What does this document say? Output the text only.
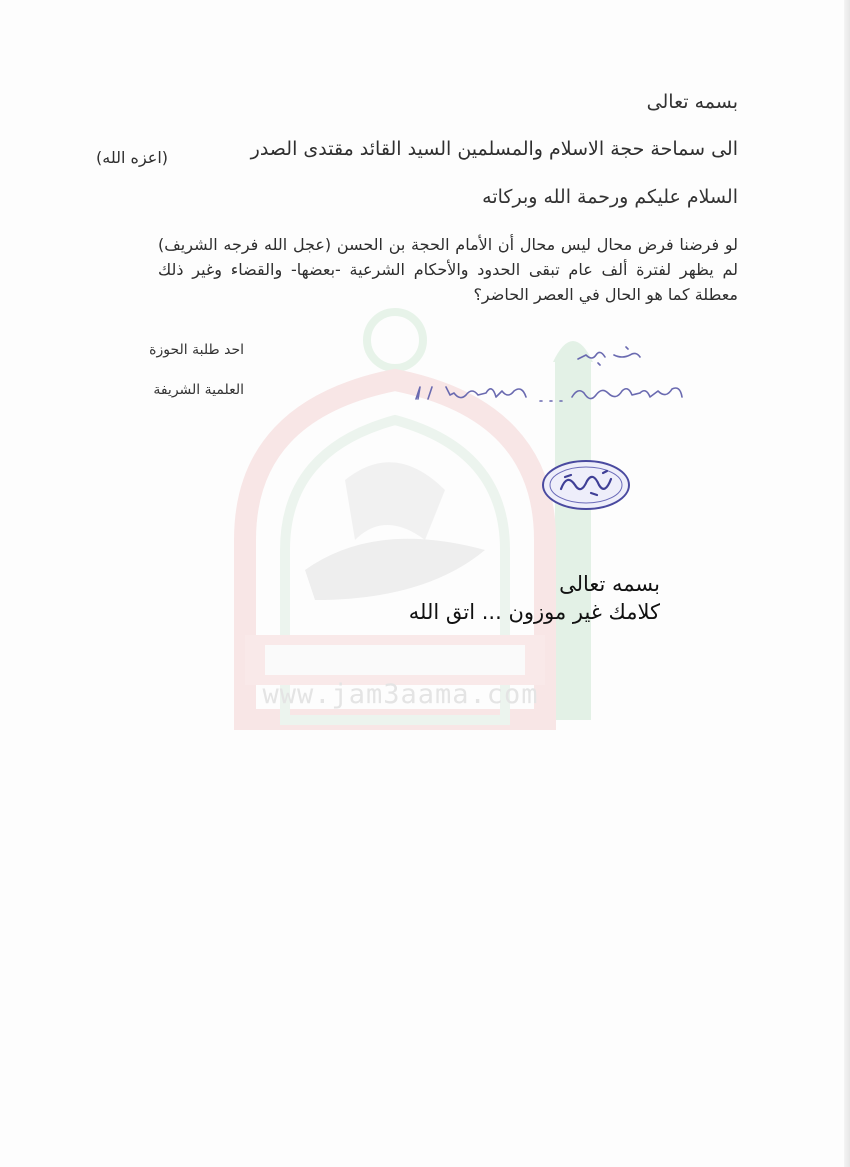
www.jam3aama.com
بسمه تعالى
الى سماحة حجة الاسلام والمسلمين السيد القائد مقتدى الصدر
(اعزه الله)
السلام عليكم ورحمة الله وبركاته
لو فرضنا فرض محال ليس محال أن الأمام الحجة بن الحسن (عجل الله فرجه الشريف) لم يظهر لفترة ألف عام تبقى الحدود والأحكام الشرعية -بعضها- والقضاء وغير ذلك معطلة كما هو الحال في العصر الحاضر؟
احد طلبة الحوزة
العلمية الشريفة
بسمه تعالى
كلامك غير موزون ... اتق الله
